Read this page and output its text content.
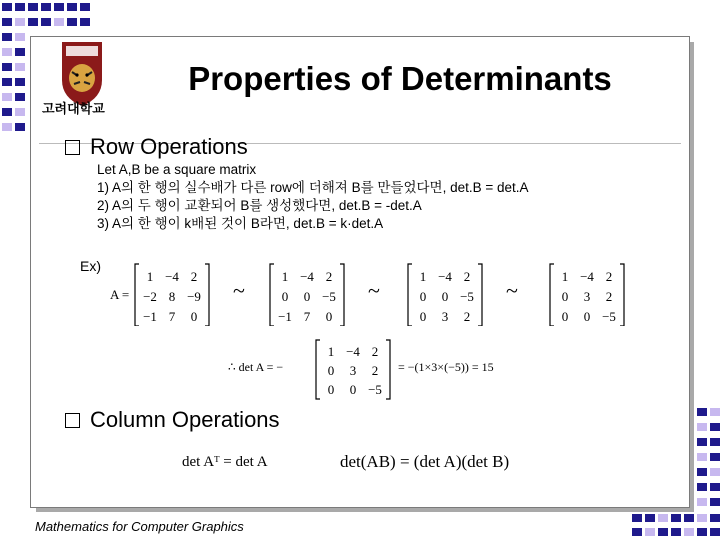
고려대학교
Properties of Determinants
Row Operations
Let A,B be a square matrix
1) A의 한 행의 실수배가 다른 row에 더해져 B를 만들었다면, det.B = det.A
2) A의 두 행이 교환되어 B를 생성했다면, det.B = -det.A
3) A의 한 행이 k배된 것이 B라면, det.B = k·det.A
Ex)
A =
1 −4 2
−2 8 −9
−1 7 0
~
1 −4 2
0 0 −5
−1 7 0
~
1 −4 2
0 0 −5
0 3 2
~
1 −4 2
0 3 2
0 0 −5
∴ det A = −
1 −4 2
0 3 2
0 0 −5
= −(1×3×(−5)) = 15
Column Operations
det Aᵀ = det A	det(AB) = (det A)(det B)
Mathematics for Computer Graphics
